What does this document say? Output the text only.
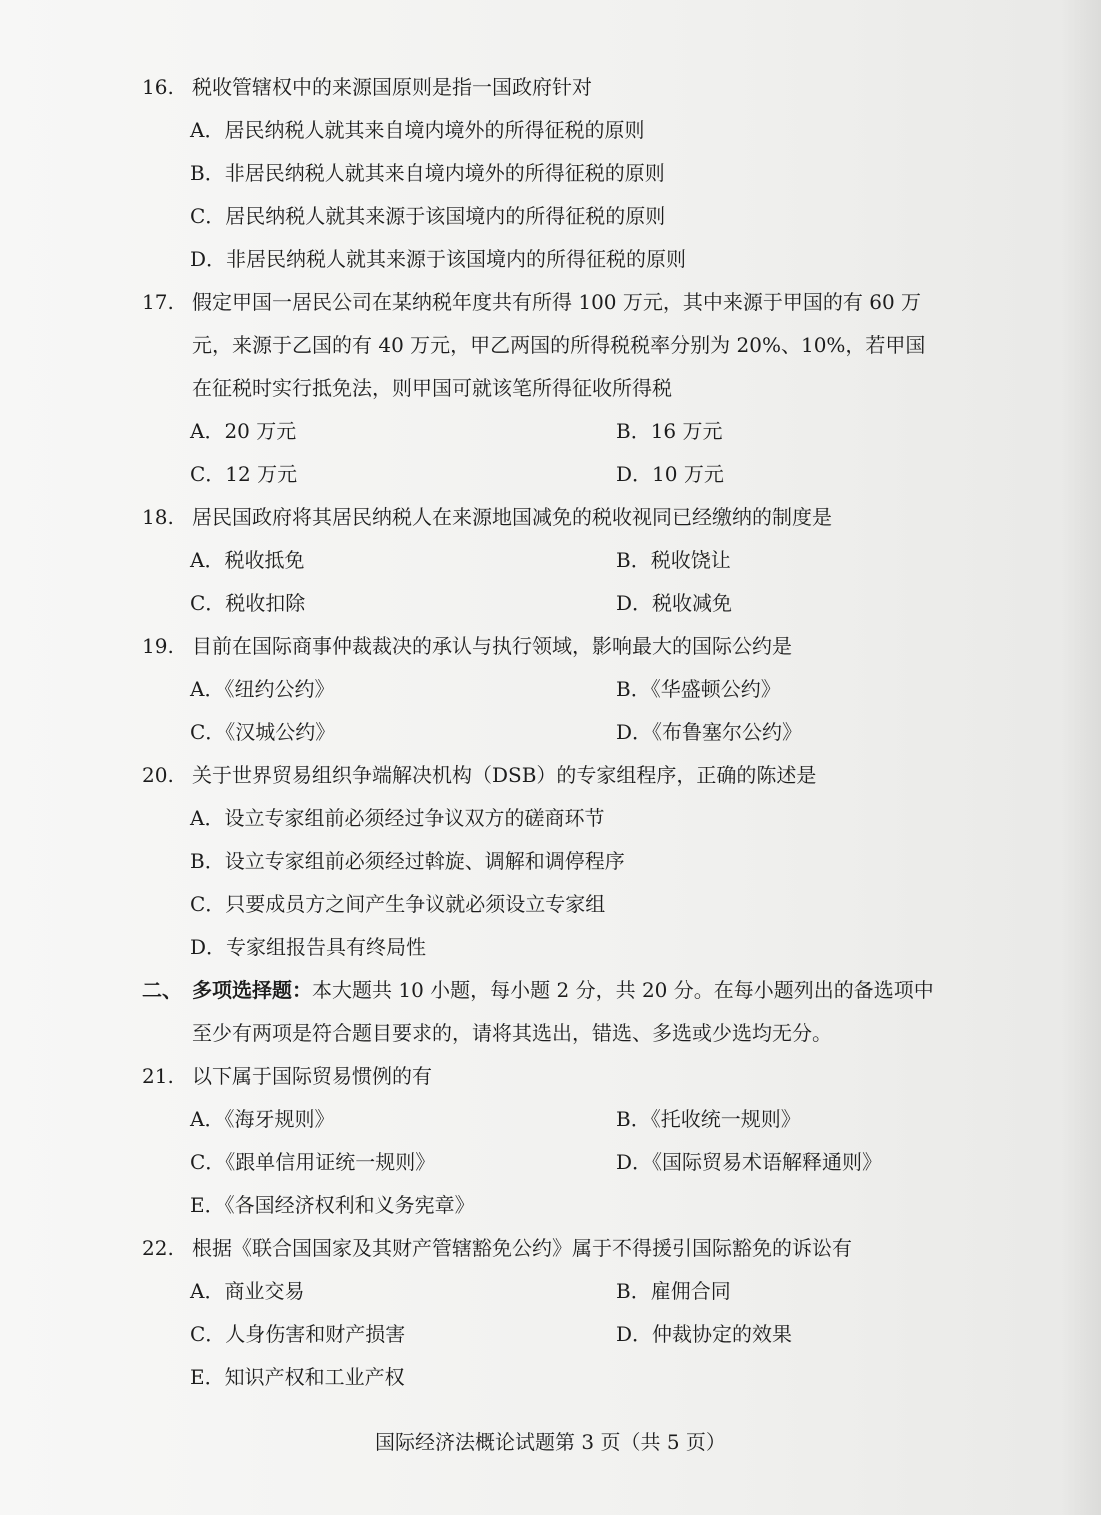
16. 税收管辖权中的来源国原则是指一国政府针对
A．居民纳税人就其来自境内境外的所得征税的原则
B．非居民纳税人就其来自境内境外的所得征税的原则
C．居民纳税人就其来源于该国境内的所得征税的原则
D．非居民纳税人就其来源于该国境内的所得征税的原则
17. 假定甲国一居民公司在某纳税年度共有所得 100 万元，其中来源于甲国的有 60 万
元，来源于乙国的有 40 万元，甲乙两国的所得税税率分别为 20%、10%，若甲国
在征税时实行抵免法，则甲国可就该笔所得征收所得税
A．20 万元	B．16 万元
C．12 万元	D．10 万元
18. 居民国政府将其居民纳税人在来源地国减免的税收视同已经缴纳的制度是
A．税收抵免	B．税收饶让
C．税收扣除	D．税收减免
19. 目前在国际商事仲裁裁决的承认与执行领域，影响最大的国际公约是
A．《纽约公约》	B．《华盛顿公约》
C．《汉城公约》	D．《布鲁塞尔公约》
20. 关于世界贸易组织争端解决机构（DSB）的专家组程序，正确的陈述是
A．设立专家组前必须经过争议双方的磋商环节
B．设立专家组前必须经过斡旋、调解和调停程序
C．只要成员方之间产生争议就必须设立专家组
D．专家组报告具有终局性
二、 多项选择题： 本大题共 10 小题，每小题 2 分，共 20 分。在每小题列出的备选项中
至少有两项是符合题目要求的，请将其选出，错选、多选或少选均无分。
21. 以下属于国际贸易惯例的有
A．《海牙规则》	B．《托收统一规则》
C．《跟单信用证统一规则》	D．《国际贸易术语解释通则》
E．《各国经济权利和义务宪章》
22. 根据《联合国国家及其财产管辖豁免公约》属于不得援引国际豁免的诉讼有
A．商业交易	B．雇佣合同
C．人身伤害和财产损害	D．仲裁协定的效果
E．知识产权和工业产权
国际经济法概论试题第 3 页（共 5 页）
